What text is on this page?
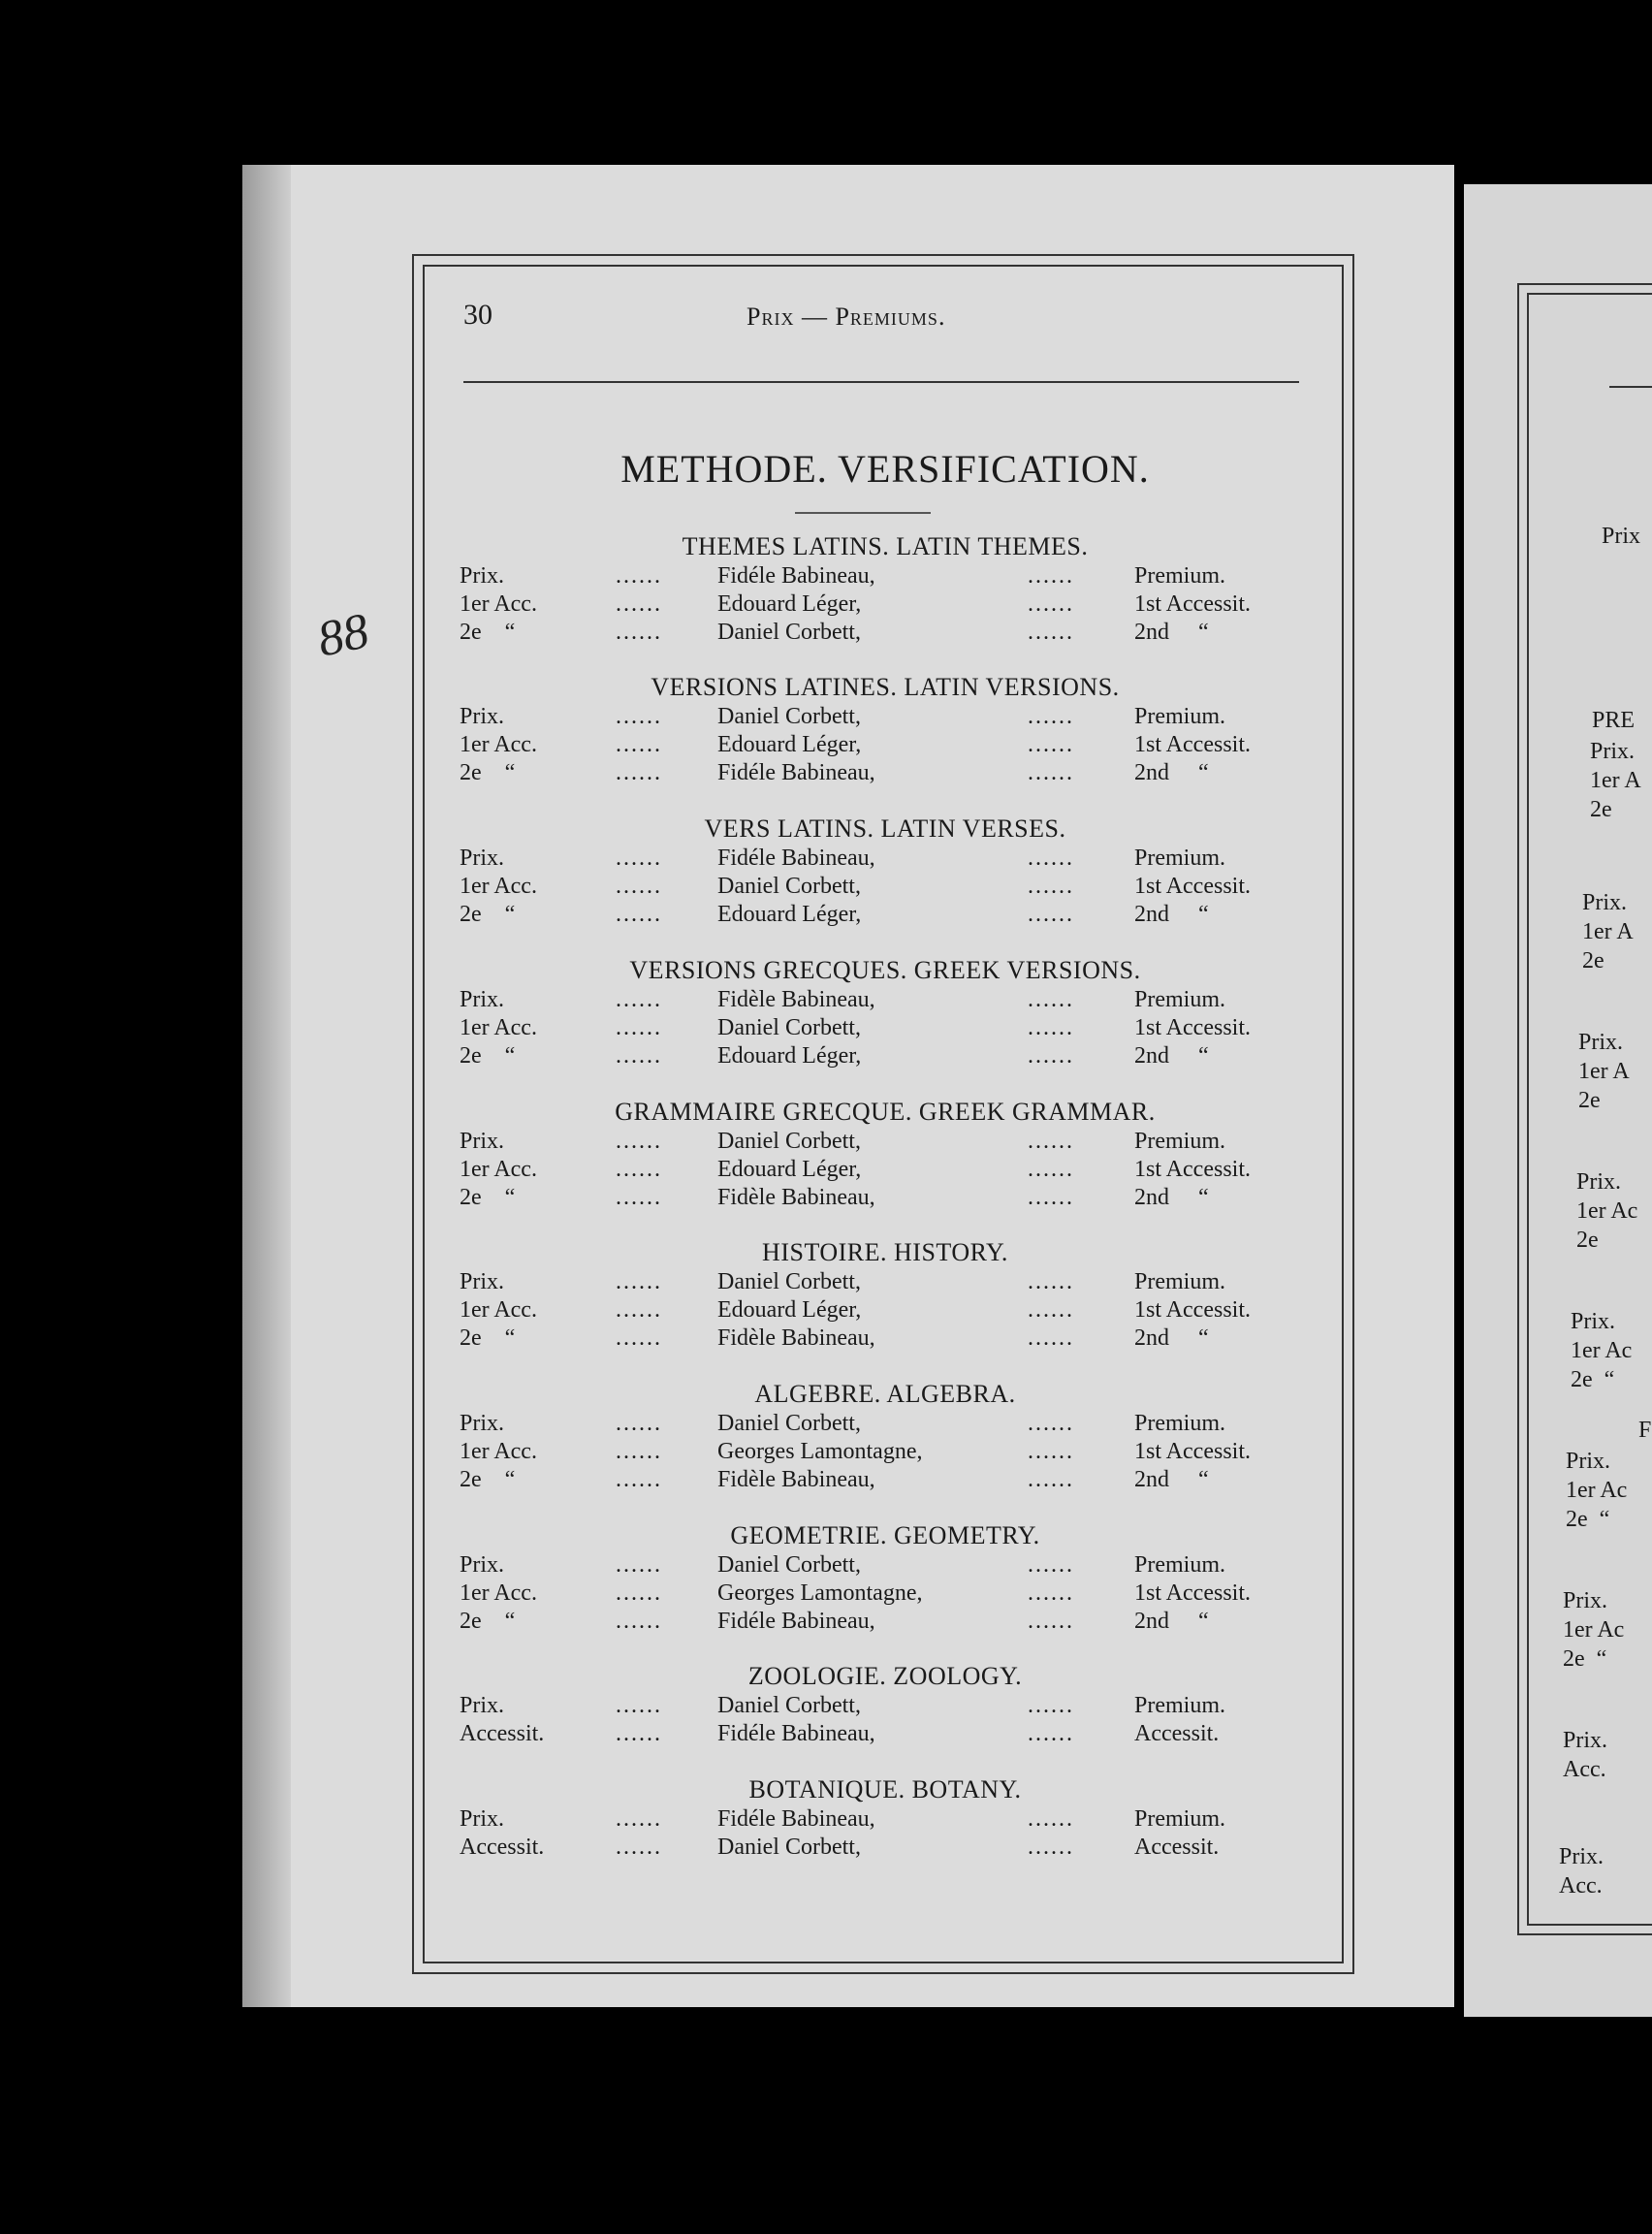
Prix
PRE
Prix.
1er A
2e
Prix.
1er A
2e
Prix.
1er A
2e
Prix.
1er Ac
2e
Prix.
1er Ac
2e  “
F
Prix.
1er Ac
2e  “
Prix.
1er Ac
2e  “
Prix.
Acc.
Prix.
Acc.
88
30	Prix — Premiums.
METHODE. VERSIFICATION.
THEMES LATINS. LATIN THEMES.
Prix.	...... Fidéle Babineau,	......	Premium.
1er Acc.	...... Edouard Léger,	......	1st Accessit.
2e    “	...... Daniel Corbett,	......	2nd     “
VERSIONS LATINES. LATIN VERSIONS.
Prix.	...... Daniel Corbett,	......	Premium.
1er Acc.	...... Edouard Léger,	......	1st Accessit.
2e    “	...... Fidéle Babineau,	......	2nd     “
VERS LATINS. LATIN VERSES.
Prix.	...... Fidéle Babineau,	......	Premium.
1er Acc.	...... Daniel Corbett,	......	1st Accessit.
2e    “	...... Edouard Léger,	......	2nd     “
VERSIONS GRECQUES. GREEK VERSIONS.
Prix.	...... Fidèle Babineau,	......	Premium.
1er Acc.	...... Daniel Corbett,	......	1st Accessit.
2e    “	...... Edouard Léger,	......	2nd     “
GRAMMAIRE GRECQUE. GREEK GRAMMAR.
Prix.	...... Daniel Corbett,	......	Premium.
1er Acc.	...... Edouard Léger,	......	1st Accessit.
2e    “	...... Fidèle Babineau,	......	2nd     “
HISTOIRE. HISTORY.
Prix.	...... Daniel Corbett,	......	Premium.
1er Acc.	...... Edouard Léger,	......	1st Accessit.
2e    “	...... Fidèle Babineau,	......	2nd     “
ALGEBRE. ALGEBRA.
Prix.	...... Daniel Corbett,	......	Premium.
1er Acc.	...... Georges Lamontagne,	......	1st Accessit.
2e    “	...... Fidèle Babineau,	......	2nd     “
GEOMETRIE. GEOMETRY.
Prix.	...... Daniel Corbett,	......	Premium.
1er Acc.	...... Georges Lamontagne,	......	1st Accessit.
2e    “	...... Fidéle Babineau,	......	2nd     “
ZOOLOGIE. ZOOLOGY.
Prix.	...... Daniel Corbett,	......	Premium.
Accessit.	...... Fidéle Babineau,	......	Accessit.
BOTANIQUE. BOTANY.
Prix.	...... Fidéle Babineau,	......	Premium.
Accessit.	...... Daniel Corbett,	......	Accessit.
